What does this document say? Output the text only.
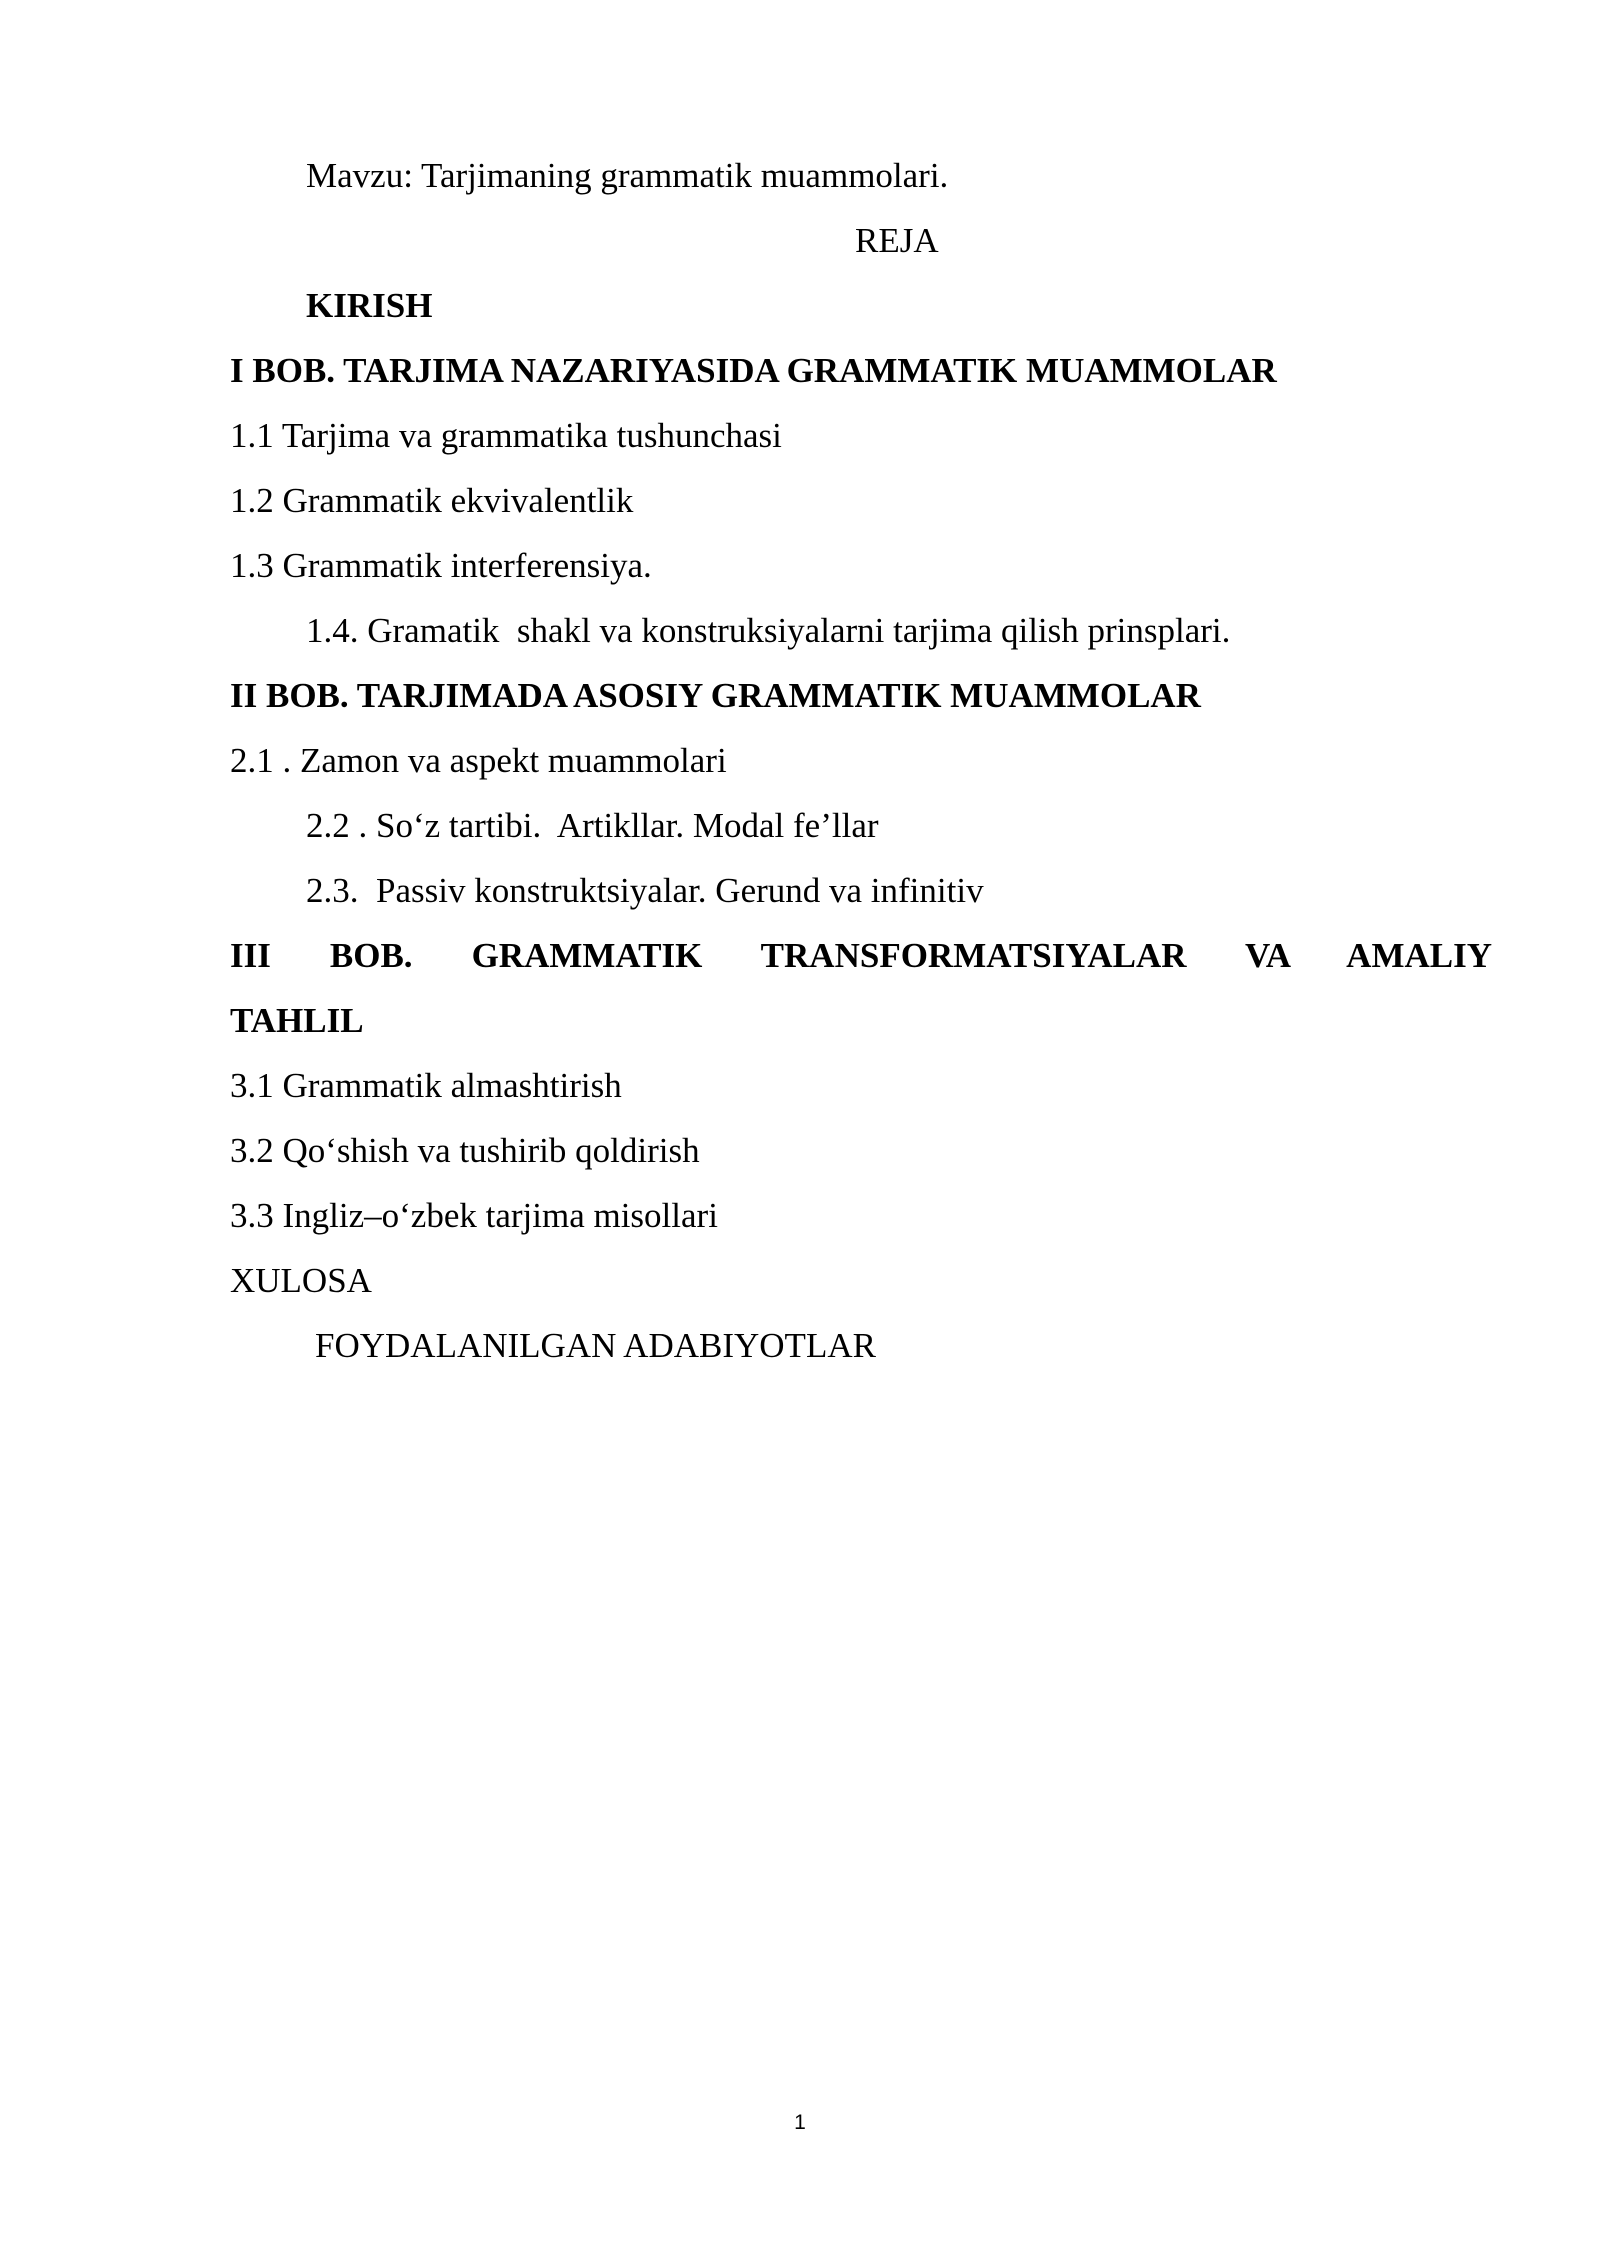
Mavzu: Tarjimaning grammatik muammolari.
REJA
KIRISH
I BOB. TARJIMA NAZARIYASIDA GRAMMATIK MUAMMOLAR
1.1 Tarjima va grammatika tushunchasi
1.2 Grammatik ekvivalentlik
1.3 Grammatik interferensiya.
1.4. Gramatik  shakl va konstruksiyalarni tarjima qilish prinsplari.
II BOB. TARJIMADA ASOSIY GRAMMATIK MUAMMOLAR
2.1 . Zamon va aspekt muammolari
2.2 . So‘z tartibi.  Artikllar. Modal fe’llar
2.3.  Passiv konstruktsiyalar. Gerund va infinitiv
III BOB. GRAMMATIK TRANSFORMATSIYALAR VA AMALIY
TAHLIL
3.1 Grammatik almashtirish
3.2 Qo‘shish va tushirib qoldirish
3.3 Ingliz–o‘zbek tarjima misollari
XULOSA
FOYDALANILGAN ADABIYOTLAR
1
